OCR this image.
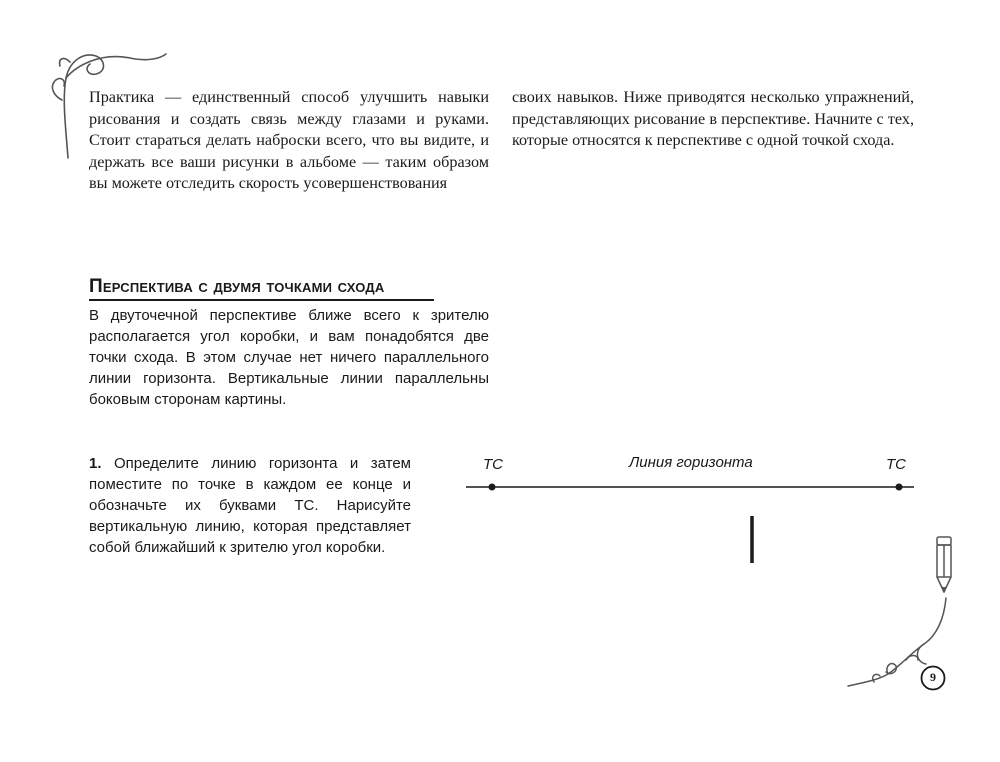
Практика — единственный способ улучшить навыки рисования и создать связь между глазами и руками. Стоит стараться делать наброски всего, что вы видите, и держать все ваши рисунки в альбоме — таким образом вы можете отследить скорость усовершенствования
своих навыков. Ниже приводятся несколько упражнений, представляющих рисование в перспективе. Начните с тех, которые относятся к перспективе с одной точкой схода.
Перспектива с двумя точками схода
В двуточечной перспективе ближе всего к зрителю располагается угол коробки, и вам понадобятся две точки схода. В этом случае нет ничего параллельного линии горизонта. Вертикальные линии параллельны боковым сторонам картины.
1. Определите линию горизонта и затем поместите по точке в каждом ее конце и обозначьте их буквами ТС. Нарисуйте вертикальную линию, которая представляет собой ближайший к зрителю угол коробки.
ТС	Линия горизонта	ТС
9
